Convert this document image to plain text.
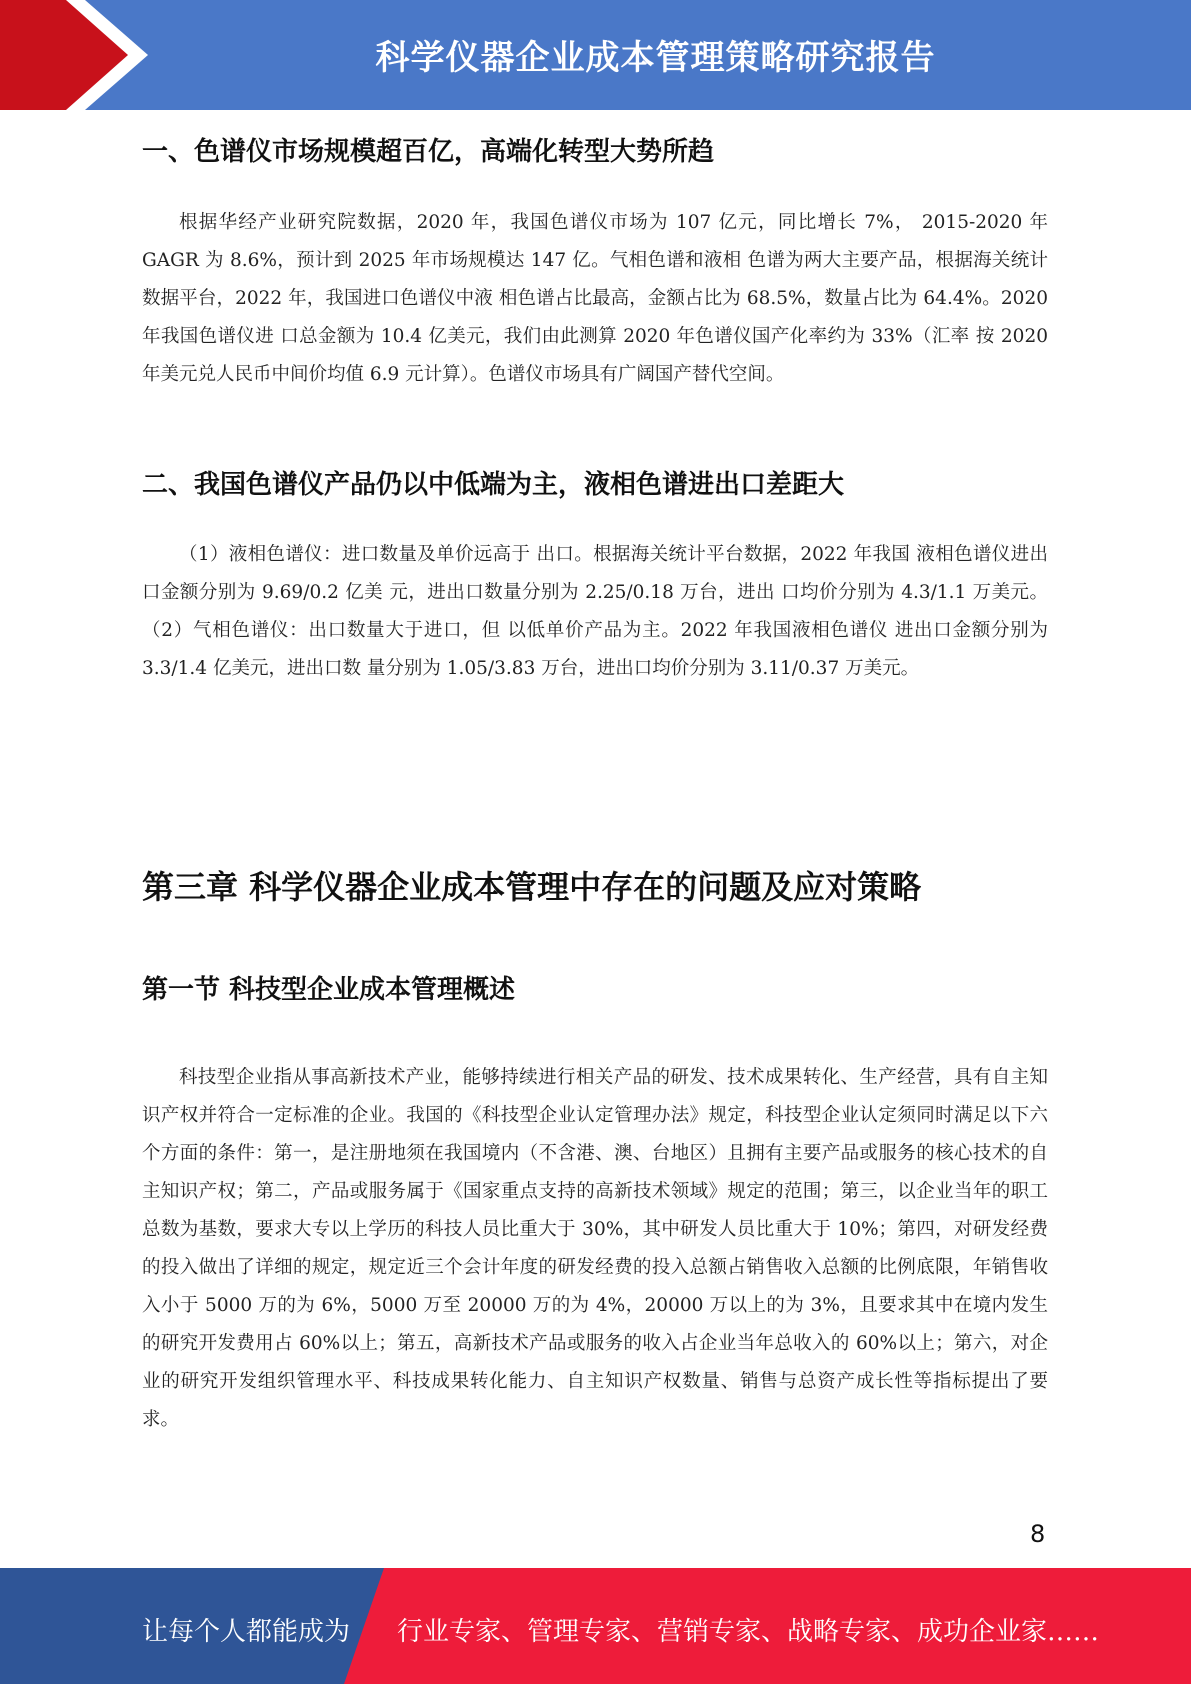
科学仪器企业成本管理策略研究报告
一、色谱仪市场规模超百亿，高端化转型大势所趋

根据华经产业研究院数据，2020 年，我国色谱仪市场为 107 亿元，同比增长 7%， 2015-2020 年 GAGR 为 8.6%，预计到 2025 年市场规模达 147 亿。气相色谱和液相 色谱为两大主要产品，根据海关统计数据平台，2022 年，我国进口色谱仪中液 相色谱占比最高，金额占比为 68.5%，数量占比为 64.4%。2020 年我国色谱仪进 口总金额为 10.4 亿美元，我们由此测算 2020 年色谱仪国产化率约为 33%（汇率 按 2020 年美元兑人民币中间价均值 6.9 元计算）。色谱仪市场具有广阔国产替代空间。

二、我国色谱仪产品仍以中低端为主，液相色谱进出口差距大

（1）液相色谱仪：进口数量及单价远高于 出口。根据海关统计平台数据，2022 年我国 液相色谱仪进出口金额分别为 9.69/0.2 亿美 元，进出口数量分别为 2.25/0.18 万台，进出 口均价分别为 4.3/1.1 万美元。 （2）气相色谱仪：出口数量大于进口，但 以低单价产品为主。2022 年我国液相色谱仪 进出口金额分别为 3.3/1.4 亿美元，进出口数 量分别为 1.05/3.83 万台，进出口均价分别为 3.11/0.37 万美元。

第三章 科学仪器企业成本管理中存在的问题及应对策略
第一节 科技型企业成本管理概述

科技型企业指从事高新技术产业，能够持续进行相关产品的研发、技术成果转化、生产经营，具有自主知识产权并符合一定标准的企业。我国的《科技型企业认定管理办法》规定，科技型企业认定须同时满足以下六个方面的条件：第一，是注册地须在我国境内（不含港、澳、台地区）且拥有主要产品或服务的核心技术的自主知识产权；第二，产品或服务属于《国家重点支持的高新技术领域》规定的范围；第三，以企业当年的职工总数为基数，要求大专以上学历的科技人员比重大于 30%，其中研发人员比重大于 10%；第四，对研发经费的投入做出了详细的规定，规定近三个会计年度的研发经费的投入总额占销售收入总额的比例底限，年销售收入小于 5000 万的为 6%，5000 万至 20000 万的为 4%，20000 万以上的为 3%，且要求其中在境内发生的研究开发费用占 60%以上；第五，高新技术产品或服务的收入占企业当年总收入的 60%以上；第六，对企业的研究开发组织管理水平、科技成果转化能力、自主知识产权数量、销售与总资产成长性等指标提出了要求。

8
让每个人都能成为 行业专家、管理专家、营销专家、战略专家、成功企业家……
